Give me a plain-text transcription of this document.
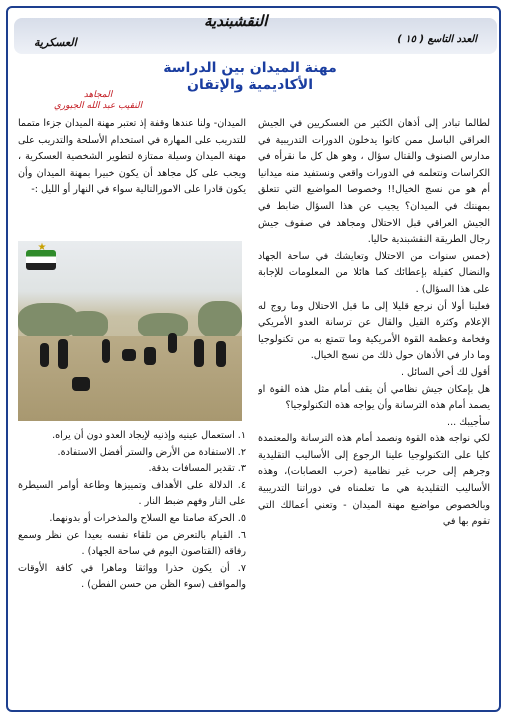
النقشبندية
العسكرية	العدد التاسع ( ١٥ )
مهنة الميدان بين الدراسة
الأكاديمية والإتقان
المجاهد
النقيب عبد الله الجبوري

لطالما تبادر إلى أذهان الكثير من العسكريين في الجيش العراقي الباسل ممن كانوا يدخلون الدورات التدريبية في مدارس الصنوف والقتال سؤال ، وهو هل كل ما نقرأه في الكراسات ونتعلمه في الدورات واقعي ونستفيد منه ميدانيا أم هو من نسج الخيال!! وخصوصا المواضيع التي تتعلق بمهنتك في الميدان؟ يجيب عن هذا السؤال ضابط في الجيش العراقي قبل الاحتلال ومجاهد في صفوف جيش رجال الطريقة النقشبندية حاليا.

(خمس سنوات من الاحتلال وتعايشك في ساحة الجهاد والنضال كفيلة بإعطائك كما هائلا من المعلومات للإجابة على هذا السؤال) .

فعلينا أولا أن نرجع قليلا إلى ما قبل الاحتلال وما روج له الإعلام وكثرة القيل والقال عن ترسانة العدو الأمريكي وفخامة وعظمة القوة الأمريكية وما تتمتع به من تكنولوجيا وما دار في الأذهان حول ذلك من نسج الخيال.

أقول لك أخي السائل .

هل بإمكان جيش نظامي أن يقف أمام مثل هذه القوة او يصمد أمام هذه الترسانة وأن يواجه هذه التكنولوجيا؟

سأجيبك ...

لكي نواجه هذه القوة ونصمد أمام هذه الترسانة والمعتمدة كليا على التكنولوجيا علينا الرجوع إلى الأساليب التقليدية وجرهم إلى حرب غير نظامية (حرب العصابات)، وهذه الأساليب التقليدية هي ما تعلمناه في دوراتنا التدريبية وبالخصوص مواضيع مهنة الميدان - وتعني أعمالك التي تقوم بها في

الميدان- ولنا عندها وقفة إذ تعتبر مهنة الميدان جزءا متمما للتدريب على المهارة في استخدام الأسلحة والتدريب على مهنة الميدان وسيلة ممتازة لتطوير الشخصية العسكرية ، ويجب على كل مجاهد أن يكون خبيرا بمهنة الميدان وأن يكون قادرا على الامورالتالية سواء في النهار أو الليل :-

★

١. استعمال عينيه وإذنيه لإيجاد العدو دون أن يراه.

٢. الاستفادة من الأرض والستر أفضل الاستفادة.

٣. تقدير المسافات بدقة.

٤. الدلالة على الأهداف وتمييزها وطاعة أوامر السيطرة على النار وفهم ضبط النار .

٥. الحركة صامتا مع السلاح والمذخرات أو بدونهما.

٦. القيام بالتعرض من تلقاء نفسه بعيدا عن نظر وسمع رفاقه (القتاصون اليوم في ساحة الجهاد) .

٧. أن يكون حذرا وواثقا وماهرا في كافة الأوقات والمواقف (سوء الظن من حسن الفطن) .
